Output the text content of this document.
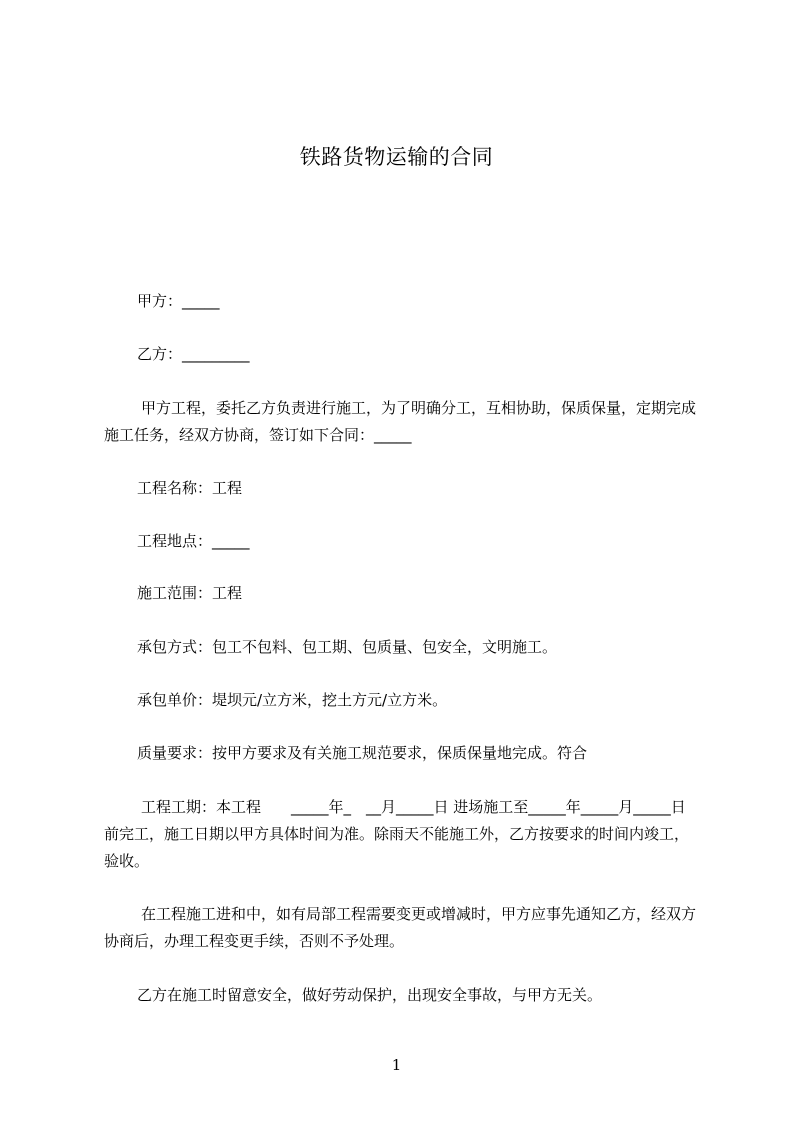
铁路货物运输的合同

甲方：_____

乙方：_________

甲方工程，委托乙方负责进行施工，为了明确分工，互相协助，保质保量，定期完成施工任务，经双方协商，签订如下合同：_____

工程名称：工程

工程地点：_____

施工范围：工程

承包方式：包工不包料、包工期、包质量、包安全，文明施工。

承包单价：堤坝元/立方米，挖土方元/立方米。

质量要求：按甲方要求及有关施工规范要求，保质保量地完成。符合

工程工期：本工程　　_____年_　__月_____日 进场施工至_____年_____月_____日 前完工，施工日期以甲方具体时间为准。除雨天不能施工外，乙方按要求的时间内竣工，验收。

在工程施工进和中，如有局部工程需要变更或增减时，甲方应事先通知乙方，经双方协商后，办理工程变更手续，否则不予处理。

乙方在施工时留意安全，做好劳动保护，出现安全事故，与甲方无关。

1
